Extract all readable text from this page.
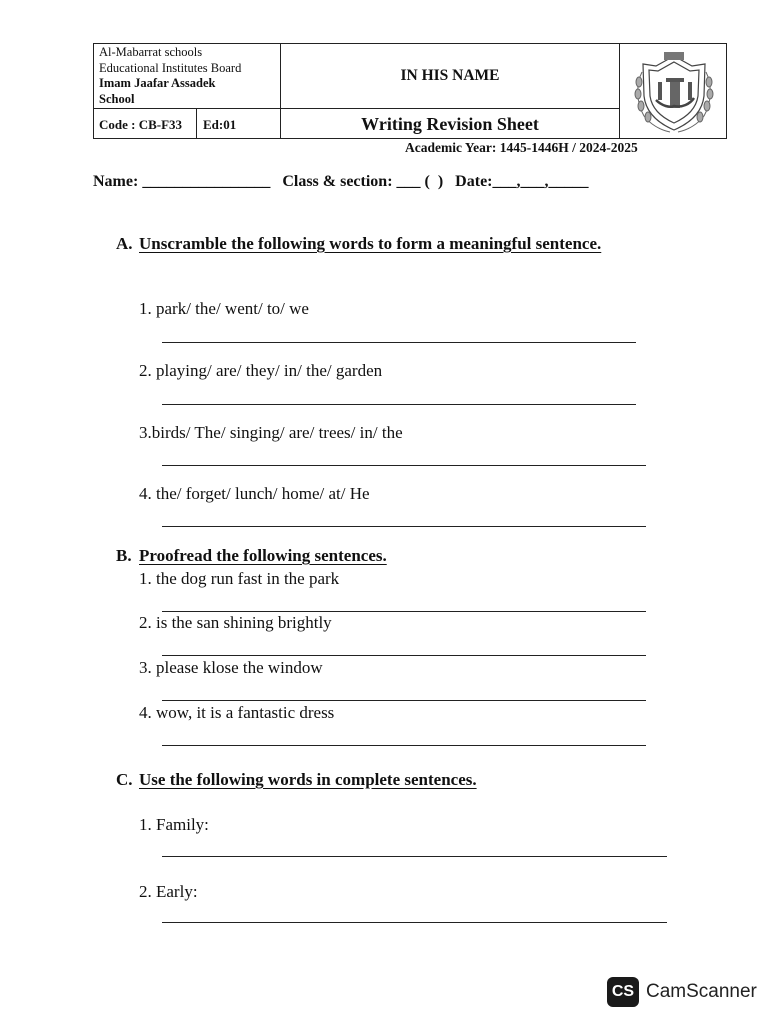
Al-Mabarrat schools
Educational Institutes Board
Imam Jaafar Assadek
School
IN HIS NAME
Code : CB-F33 Ed:01	Writing Revision Sheet
Academic Year: 1445-1446H / 2024-2025
Name: ________________   Class & section: ___ (  )   Date:___,___,_____
A. Unscramble the following words to form a meaningful sentence.
1. park/ the/ went/ to/ we
2. playing/ are/ they/ in/ the/ garden
3.birds/ The/ singing/ are/ trees/ in/ the
4. the/ forget/ lunch/ home/ at/ He
B. Proofread the following sentences.
1. the dog run fast in the park
2. is the san shining brightly
3. please klose the window
4. wow, it is a fantastic dress
C. Use the following words in complete sentences.
1. Family:
2. Early:
CS CamScanner
